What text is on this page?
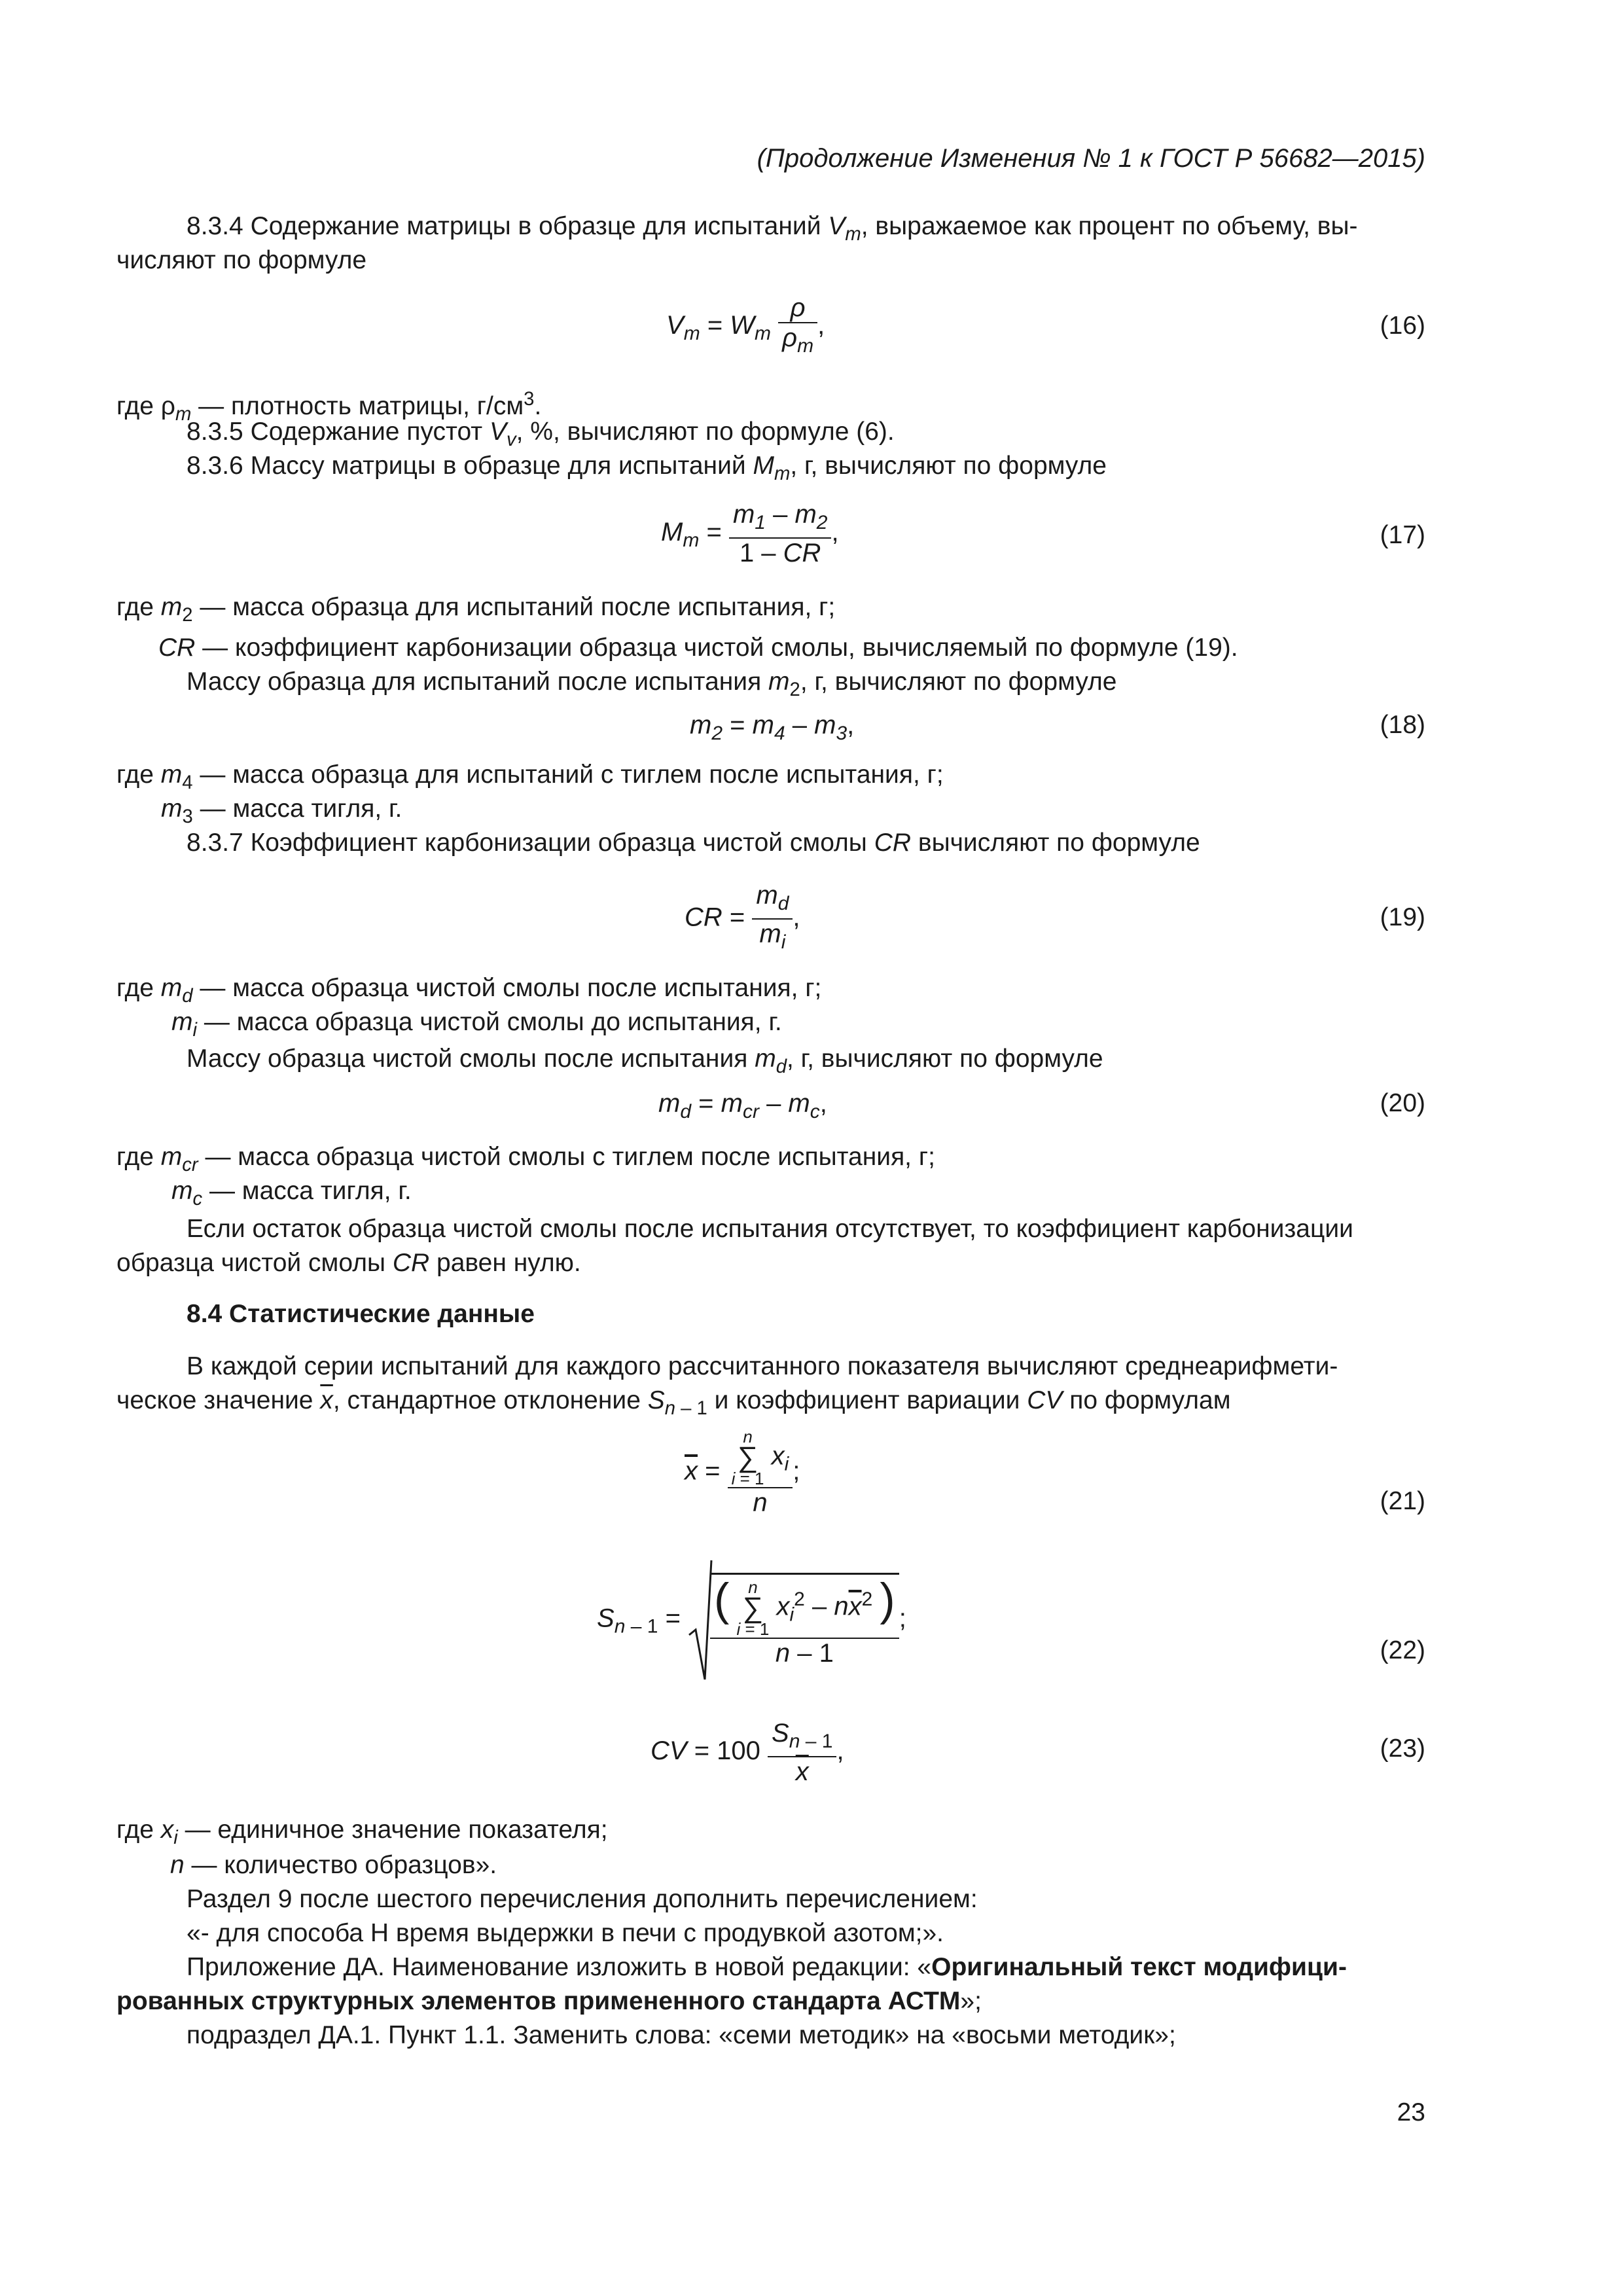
(Продолжение Изменения № 1 к ГОСТ Р 56682—2015)
8.3.4 Содержание матрицы в образце для испытаний $V_m$, выражаемое как процент по объему, вы-
числяют по формуле
$V_m = W_m \frac{\rho}{\rho_m}$ ,	(16)
где $\rho_m$ — плотность матрицы, $г/см^3$.
8.3.5 Содержание пустот $V_v$, %, вычисляют по формуле (6).
8.3.6 Массу матрицы в образце для испытаний $M_m$, г, вычисляют по формуле
$M_m = \frac{m_1 - m_2}{1 - CR}$ ,	(17)
где $m_2$ — масса образца для испытаний после испытания, г;
CR — коэффициент карбонизации образца чистой смолы, вычисляемый по формуле (19).
Массу образца для испытаний после испытания $m_2$, г, вычисляют по формуле
$m_2 = m_4 - m_3$,	(18)
где $m_4$ — масса образца для испытаний с тиглем после испытания, г;
$m_3$ — масса тигля, г.
8.3.7 Коэффициент карбонизации образца чистой смолы CR вычисляют по формуле
CR = $\frac{m_d}{m_i}$ ,	(19)
где $m_d$ — масса образца чистой смолы после испытания, г;
$m_i$ — масса образца чистой смолы до испытания, г.
Массу образца чистой смолы после испытания $m_d$, г, вычисляют по формуле
$m_d = m_{cr} - m_c$,	(20)
где $m_{cr}$ — масса образца чистой смолы с тиглем после испытания, г;
$m_c$ — масса тигля, г.
Если остаток образца чистой смолы после испытания отсутствует, то коэффициент карбонизации
образца чистой смолы CR равен нулю.
8.4 Статистические данные
В каждой серии испытаний для каждого рассчитанного показателя вычисляют среднеарифмети-
ческое значение $\overline{x}$, стандартное отклонение $S_{n - 1}$ и коэффициент вариации CV по формулам
$\overline{x}$ =
n
∑
i = 1 $x_i$
n
;
(21)
$S_{n - 1}$ = ( n
∑
i = 1 $x_i^2 - n\overline{x}^2$ )
n – 1
;
(22)
CV = $100 \frac{S_{n - 1}}{x}$ ,	(23)
где $x_i$ — единичное значение показателя;
n — количество образцов».
Раздел 9 после шестого перечисления дополнить перечислением:
«- для способа Н время выдержки в печи с продувкой азотом;».
Приложение ДА. Наименование изложить в новой редакции: «Оригинальный текст модифици-
рованных структурных элементов примененного стандарта АСТМ»;
подраздел ДА.1. Пункт 1.1. Заменить слова: «семи методик» на «восьми методик»;
23
